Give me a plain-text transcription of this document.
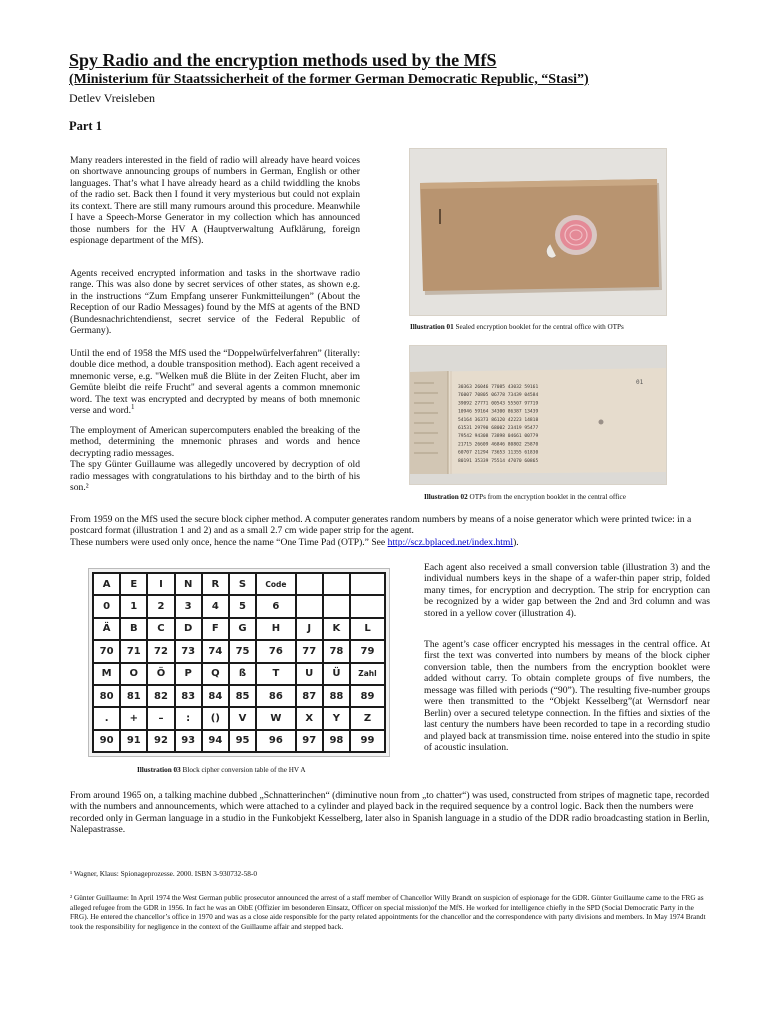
Spy Radio and the encryption methods used by the MfS
(Ministerium für Staatssicherheit of the former German Democratic Republic, “Stasi”)
Detlev Vreisleben
Part 1

Many readers interested in the field of radio will already have heard voices on shortwave announcing groups of numbers in German, English or other languages. That’s what I have already heard as a child twiddling the knobs of the radio set. Back then I found it very mysterious but could not explain its context. There are still many rumours around this procedure. Meanwhile I have a Speech-Morse Generator in my collection which has announced those numbers for the HV A (Hauptverwaltung Aufklärung, foreign espionage department of the MfS).

Agents received encrypted information and tasks in the shortwave radio range. This was also done by secret services of other states, as shown e.g. in the instructions “Zum Empfang unserer Funkmitteilungen” (About the Reception of our Radio Messages) found by the MfS at agents of the BND (Bundesnachrichtendienst, secret service of the Federal Republic of Germany).

Until the end of 1958 the MfS used the “Doppelwürfelverfahren” (literally: double dice method, a double transposition method). Each agent received a mnemonic verse, e.g. "Welken muß die Blüte in der Zeiten Flucht, aber im Gemüte bleibt die reife Frucht" and several agents a common mnemonic word. The text was encrypted and decrypted by means of both mnemonic verse and word.$^1$

The employment of American supercomputers enabled the breaking of the method, determining the mnemonic phrases and words and hence decrypting radio messages.
The spy Günter Guillaume was allegedly uncovered by decryption of old radio messages with congratulations to his birthday and to the birth of his son.²
Illustration 01 Sealed encryption booklet for the central office with OTPs
01
30363 26046 77085 43032 59161
76007 70805 06778 73439 04584
39092 27771 00543 55507 97719
10946 59164 34300 86387 13439
54164 36373 86120 42223 14818
61531 29790 68002 23419 95477
79542 94308 73898 04661 00779
21715 26609 46846 80802 25870
60707 21294 73653 11355 61830
80191 35339 75514 47070 60865
Illustration 02 OTPs from the encryption booklet in the central office
From 1959 on the MfS used the secure block cipher method. A computer generates random numbers by means of a noise generator which were printed twice: in a postcard format (illustration 1 and 2) and as a small 2.7 cm wide paper strip for the agent.
These numbers were used only once, hence the name “One Time Pad (OTP).” See http://scz.bplaced.net/index.html).
A	E	I	N	R	S	Code			
0	1	2	3	4	5	6			
Ä	B	C	D	F	G	H	J	K	L
70	71	72	73	74	75	76	77	78	79
M	O	Ö	P	Q	ß	T	U	Ü	Zahl
80	81	82	83	84	85	86	87	88	89
.	+	–	:	()	V	W	X	Y	Z
90	91	92	93	94	95	96	97	98	99
Illustration 03 Block cipher conversion table of the HV A

Each agent also received a small conversion table (illustration 3) and the individual numbers keys in the shape of a wafer-thin paper strip, folded many times, for encryption and decryption. The strip for encryption can be recognized by a wider gap between the 2nd and 3rd column and was stored in a yellow cover (illustration 4).

The agent’s case officer encrypted his messages in the central office. At first the text was converted into numbers by means of the block cipher conversion table, then the numbers from the encryption booklet were added without carry. To obtain complete groups of five numbers, the message was filled with periods (“90”). The resulting five-number groups were then transmitted to the “Objekt Kesselberg”(at Wernsdorf near Berlin) over a secured teletype connection. In the fifties and sixties of the last century the numbers have been recorded to tape in a recording studio and played back at transmission time. noise entered into the studio in spite of acoustic insulation.

From around 1965 on, a talking machine dubbed „Schnatterinchen“ (diminutive noun from „to chatter“) was used, constructed from stripes of magnetic tape, recorded with the numbers and announcements, which were attached to a cylinder and played back in the required sequence by a control logic. Back then the numbers were recorded only in German language in a studio in the Funkobjekt Kesselberg, later also in Spanish language in a studio of the DDR radio broadcasting station in Berlin, Nalepastrasse.

¹ Wagner, Klaus: Spionageprozesse. 2000. ISBN 3-930732-58-0

² Günter Guillaume: In April 1974 the West German public prosecutor announced the arrest of a staff member of Chancellor Willy Brandt on suspicion of espionage for the GDR. Günter Guillaume came to the FRG as alleged refugee from the GDR in 1956. In fact he was an OibE (Offizier im besonderen Einsatz, Officer on special mission)of the MfS. He worked for intelligence chiefly in the SPD (Social Democratic Party in the FRG). He entered the chancellor’s office in 1970 and was as a close aide responsible for the party related appointments for the chancellor and the correspondence with party divisions and members. In May 1974 Brandt took the responsibility for negligence in the context of the Guillaume affair and stepped back.
